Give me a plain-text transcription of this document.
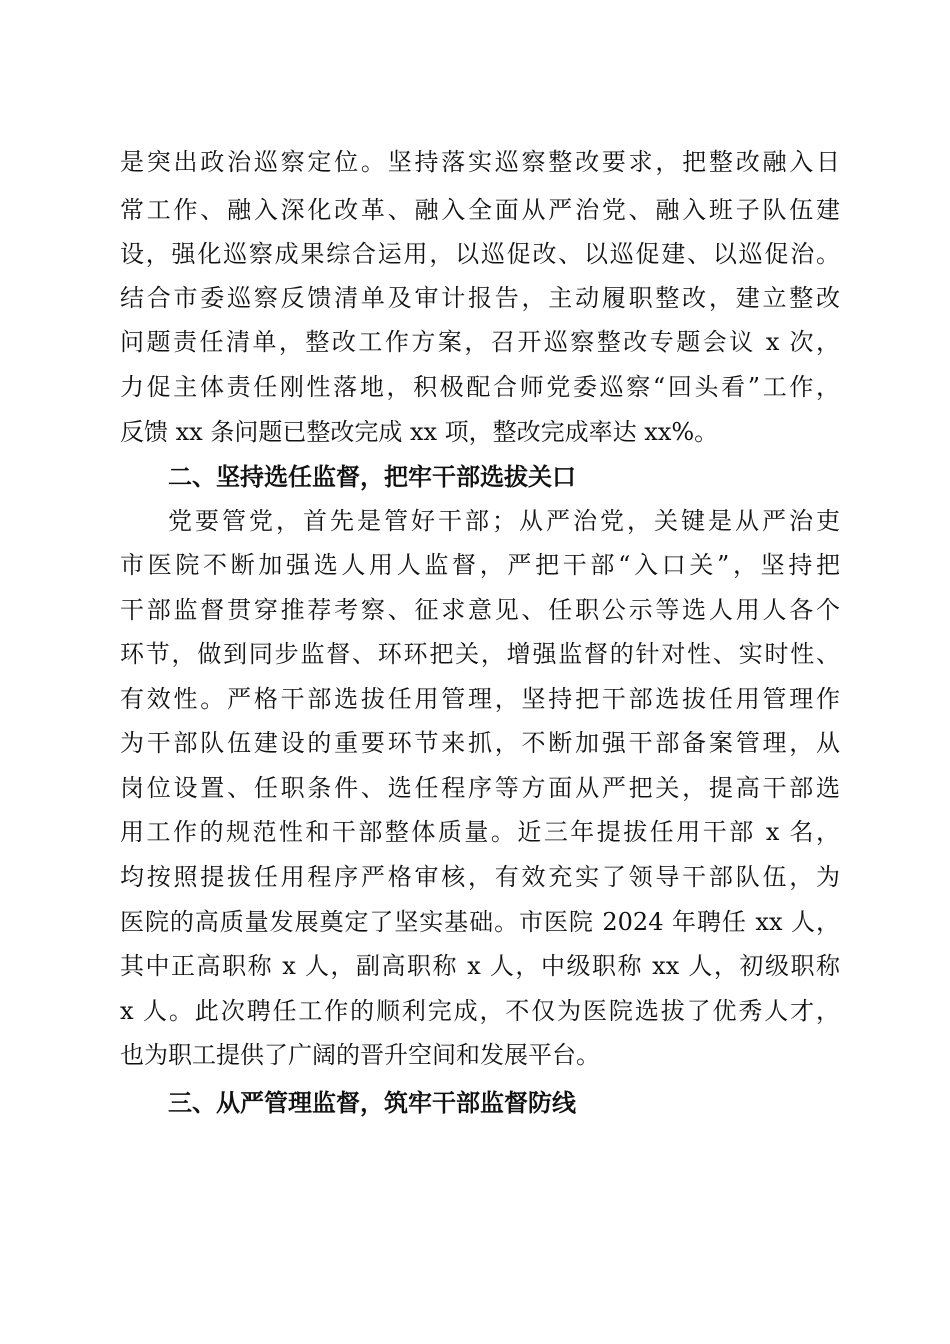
是突出政治巡察定位。坚持落实巡察整改要求，把整改融入日
常工作、融入深化改革、融入全面从严治党、融入班子队伍建
设，强化巡察成果综合运用，以巡促改、以巡促建、以巡促治。
结合市委巡察反馈清单及审计报告，主动履职整改，建立整改
问题责任清单，整改工作方案，召开巡察整改专题会议 x 次，
力促主体责任刚性落地，积极配合师党委巡察“回头看”工作，
反馈 xx 条问题已整改完成 xx 项，整改完成率达 xx%。
二、坚持选任监督，把牢干部选拔关口
党要管党，首先是管好干部；从严治党，关键是从严治吏
市医院不断加强选人用人监督，严把干部“入口关”，坚持把
干部监督贯穿推荐考察、征求意见、任职公示等选人用人各个
环节，做到同步监督、环环把关，增强监督的针对性、实时性、
有效性。严格干部选拔任用管理，坚持把干部选拔任用管理作
为干部队伍建设的重要环节来抓，不断加强干部备案管理，从
岗位设置、任职条件、选任程序等方面从严把关，提高干部选
用工作的规范性和干部整体质量。近三年提拔任用干部 x 名，
均按照提拔任用程序严格审核，有效充实了领导干部队伍，为
医院的高质量发展奠定了坚实基础。市医院 2024 年聘任 xx 人，
其中正高职称 x 人，副高职称 x 人，中级职称 xx 人，初级职称
x 人。此次聘任工作的顺利完成，不仅为医院选拔了优秀人才，
也为职工提供了广阔的晋升空间和发展平台。
三、从严管理监督，筑牢干部监督防线
